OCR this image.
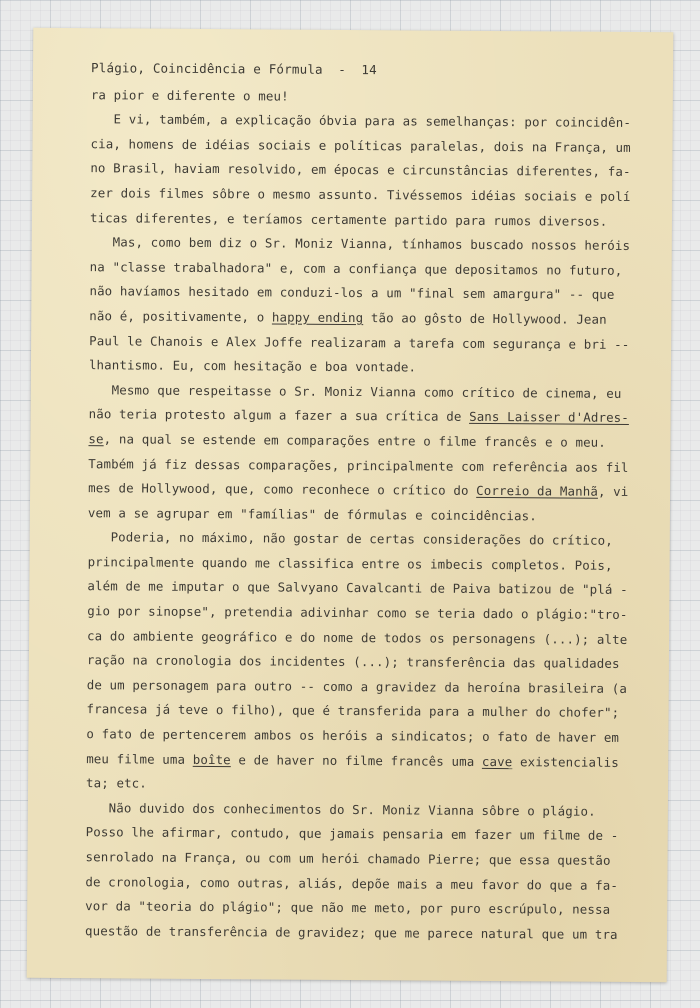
Plágio, Coincidência e Fórmula  -  14
ra pior e diferente o meu!
E vi, também, a explicação óbvia para as semelhanças: por coincidên-
cia, homens de idéias sociais e políticas paralelas, dois na França, um
no Brasil, haviam resolvido, em épocas e circunstâncias diferentes, fa-
zer dois filmes sôbre o mesmo assunto. Tivéssemos idéias sociais e polí
ticas diferentes, e teríamos certamente partido para rumos diversos.
Mas, como bem diz o Sr. Moniz Vianna, tínhamos buscado nossos heróis
na "classe trabalhadora" e, com a confiança que depositamos no futuro,
não havíamos hesitado em conduzi-los a um "final sem amargura" -- que
não é, positivamente, o happy ending tão ao gôsto de Hollywood. Jean
Paul le Chanois e Alex Joffe realizaram a tarefa com segurança e bri --
lhantismo. Eu, com hesitação e boa vontade.
Mesmo que respeitasse o Sr. Moniz Vianna como crítico de cinema, eu
não teria protesto algum a fazer a sua crítica de Sans Laisser d'Adres-
se, na qual se estende em comparações entre o filme francês e o meu.
Também já fiz dessas comparações, principalmente com referência aos fil
mes de Hollywood, que, como reconhece o crítico do Correio da Manhã, vi
vem a se agrupar em "famílias" de fórmulas e coincidências.
Poderia, no máximo, não gostar de certas considerações do crítico,
principalmente quando me classifica entre os imbecis completos. Pois,
além de me imputar o que Salvyano Cavalcanti de Paiva batizou de "plá -
gio por sinopse", pretendia adivinhar como se teria dado o plágio:"tro-
ca do ambiente geográfico e do nome de todos os personagens (...); alte
ração na cronologia dos incidentes (...); transferência das qualidades
de um personagem para outro -- como a gravidez da heroína brasileira (a
francesa já teve o filho), que é transferida para a mulher do chofer";
o fato de pertencerem ambos os heróis a sindicatos; o fato de haver em
meu filme uma boîte e de haver no filme francês uma cave existencialis
ta; etc.
Não duvido dos conhecimentos do Sr. Moniz Vianna sôbre o plágio.
Posso lhe afirmar, contudo, que jamais pensaria em fazer um filme de -
senrolado na França, ou com um herói chamado Pierre; que essa questão
de cronologia, como outras, aliás, depõe mais a meu favor do que a fa-
vor da "teoria do plágio"; que não me meto, por puro escrúpulo, nessa
questão de transferência de gravidez; que me parece natural que um tra
